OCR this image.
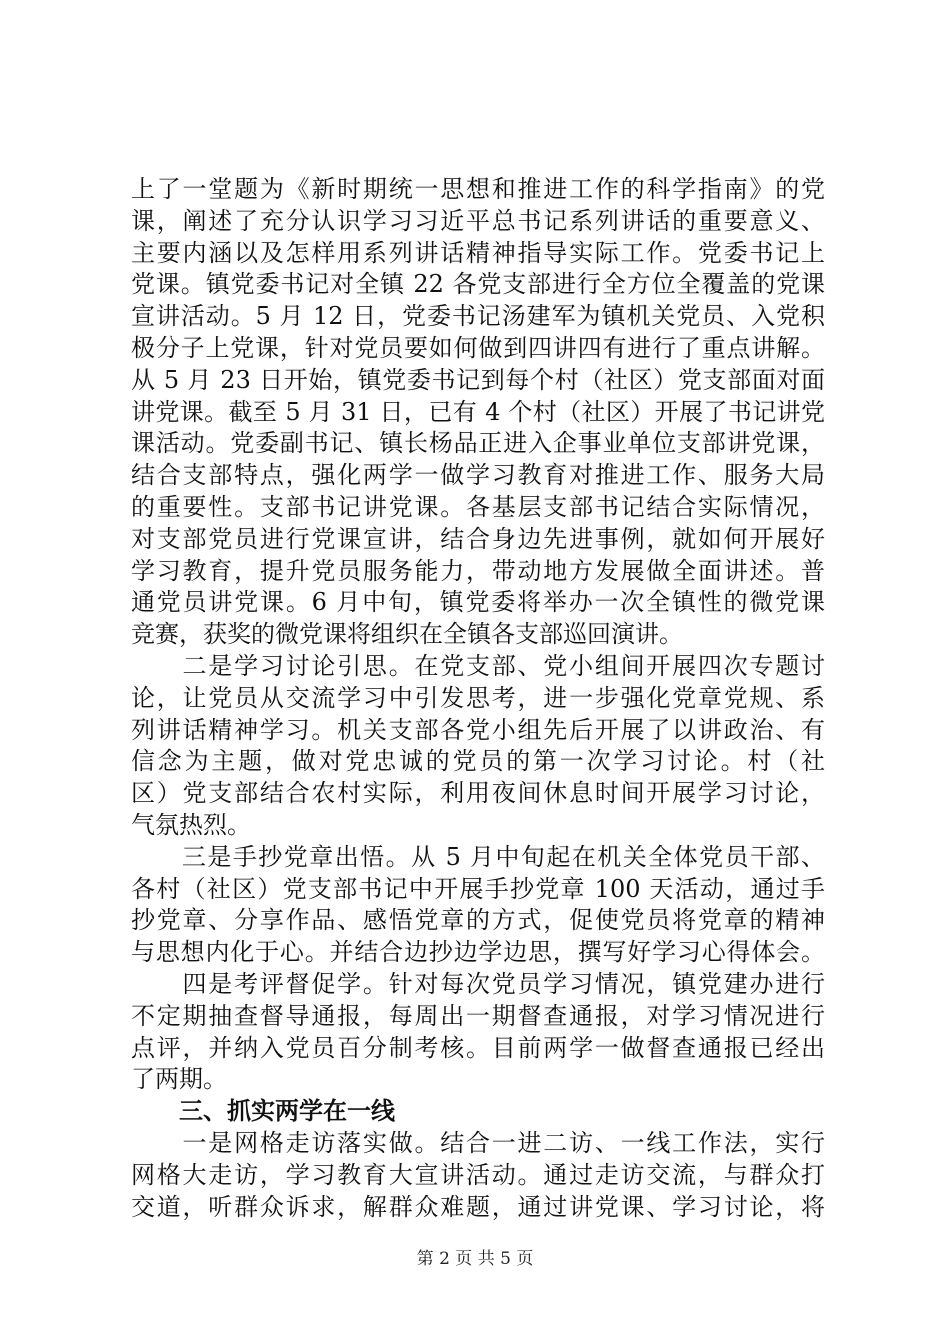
上了一堂题为《新时期统一思想和推进工作的科学指南》的党
课，阐述了充分认识学习习近平总书记系列讲话的重要意义、
主要内涵以及怎样用系列讲话精神指导实际工作。党委书记上
党课。镇党委书记对全镇 22 各党支部进行全方位全覆盖的党课
宣讲活动。5 月 12 日，党委书记汤建军为镇机关党员、入党积
极分子上党课，针对党员要如何做到四讲四有进行了重点讲解。
从 5 月 23 日开始，镇党委书记到每个村（社区）党支部面对面
讲党课。截至 5 月 31 日，已有 4 个村（社区）开展了书记讲党
课活动。党委副书记、镇长杨品正进入企事业单位支部讲党课，
结合支部特点，强化两学一做学习教育对推进工作、服务大局
的重要性。支部书记讲党课。各基层支部书记结合实际情况，
对支部党员进行党课宣讲，结合身边先进事例，就如何开展好
学习教育，提升党员服务能力，带动地方发展做全面讲述。普
通党员讲党课。6 月中旬，镇党委将举办一次全镇性的微党课
竞赛，获奖的微党课将组织在全镇各支部巡回演讲。
　　二是学习讨论引思。在党支部、党小组间开展四次专题讨
论，让党员从交流学习中引发思考，进一步强化党章党规、系
列讲话精神学习。机关支部各党小组先后开展了以讲政治、有
信念为主题，做对党忠诚的党员的第一次学习讨论。村（社
区）党支部结合农村实际，利用夜间休息时间开展学习讨论，
气氛热烈。
　　三是手抄党章出悟。从 5 月中旬起在机关全体党员干部、
各村（社区）党支部书记中开展手抄党章 100 天活动，通过手
抄党章、分享作品、感悟党章的方式，促使党员将党章的精神
与思想内化于心。并结合边抄边学边思，撰写好学习心得体会。
　　四是考评督促学。针对每次党员学习情况，镇党建办进行
不定期抽查督导通报，每周出一期督查通报，对学习情况进行
点评，并纳入党员百分制考核。目前两学一做督查通报已经出
了两期。
　　三、抓实两学在一线
　　一是网格走访落实做。结合一进二访、一线工作法，实行
网格大走访，学习教育大宣讲活动。通过走访交流，与群众打
交道，听群众诉求，解群众难题，通过讲党课、学习讨论，将
第 2 页 共 5 页
